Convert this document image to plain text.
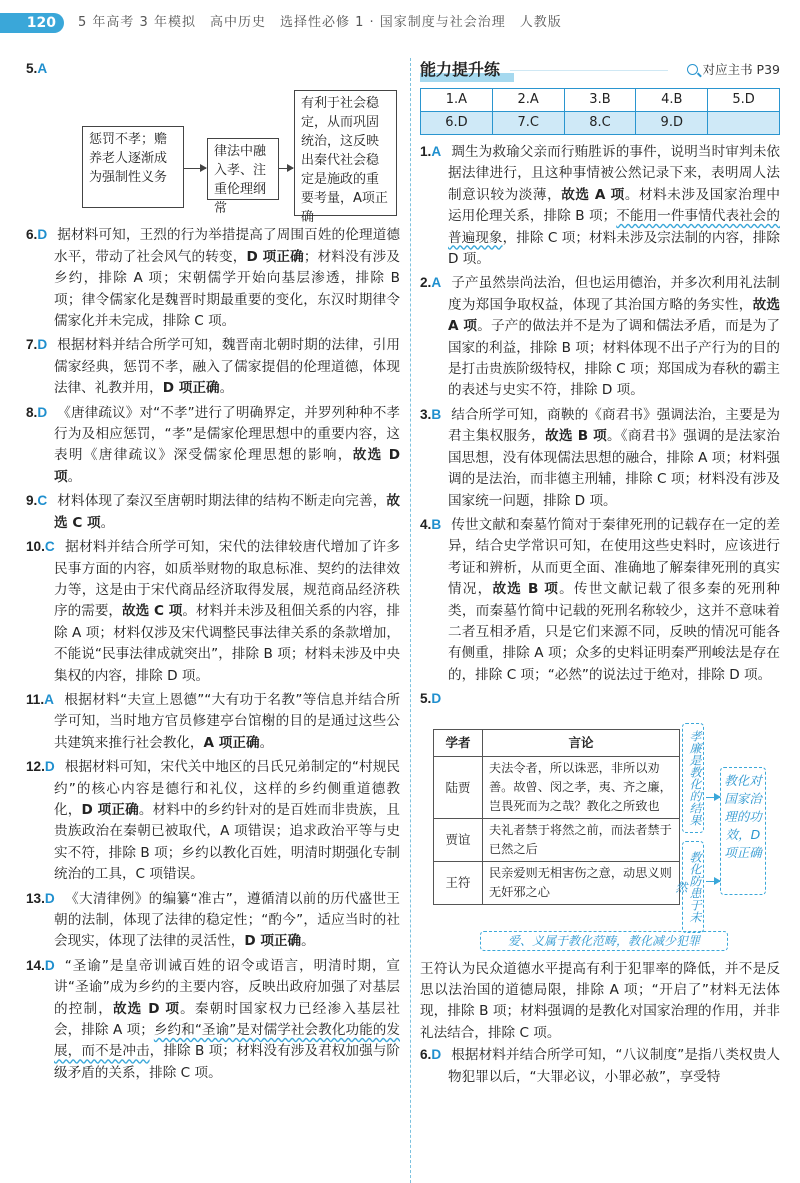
120	5 年高考 3 年模拟 高中历史　选择性必修 1 · 国家制度与社会治理　人教版
5.A
惩罚不孝；赡养老人逐渐成为强制性义务
律法中融入孝、注重伦理纲常
有利于社会稳定，从而巩固统治，这反映出秦代社会稳定是施政的重要考量，A项正确
6.D 据材料可知，王烈的行为举措提高了周围百姓的伦理道德水平，带动了社会风气的转变，D 项正确；材料没有涉及乡约，排除 A 项；宋朝儒学开始向基层渗透，排除 B 项；律令儒家化是魏晋时期最重要的变化，东汉时期律令儒家化并未完成，排除 C 项。
7.D 根据材料并结合所学可知，魏晋南北朝时期的法律，引用儒家经典，惩罚不孝，融入了儒家提倡的伦理道德，体现法律、礼教并用，D 项正确。
8.D 《唐律疏议》对“不孝”进行了明确界定，并罗列种种不孝行为及相应惩罚，“孝”是儒家伦理思想中的重要内容，这表明《唐律疏议》深受儒家伦理思想的影响，故选 D 项。
9.C 材料体现了秦汉至唐朝时期法律的结构不断走向完善，故选 C 项。
10.C 据材料并结合所学可知，宋代的法律较唐代增加了许多民事方面的内容，如质举财物的取息标准、契约的法律效力等，这是由于宋代商品经济取得发展，规范商品经济秩序的需要，故选 C 项。材料并未涉及租佃关系的内容，排除 A 项；材料仅涉及宋代调整民事法律关系的条款增加，不能说“民事法律成就突出”，排除 B 项；材料未涉及中央集权的内容，排除 D 项。
11.A 根据材料“夫宣上恩德”“大有功于名教”等信息并结合所学可知，当时地方官员修建亭台馆榭的目的是通过这些公共建筑来推行社会教化，A 项正确。
12.D 根据材料可知，宋代关中地区的吕氏兄弟制定的“村规民约”的核心内容是德行和礼仪，这样的乡约侧重道德教化，D 项正确。材料中的乡约针对的是百姓而非贵族，且贵族政治在秦朝已被取代，A 项错误；追求政治平等与史实不符，排除 B 项；乡约以教化百姓，明清时期强化专制统治的工具，C 项错误。
13.D 《大清律例》的编纂“准古”，遵循清以前的历代盛世王朝的法制，体现了法律的稳定性；“酌今”，适应当时的社会现实，体现了法律的灵活性，D 项正确。
14.D “圣谕”是皇帝训诫百姓的诏令或语言，明清时期，宣讲“圣谕”成为乡约的主要内容，反映出政府加强了对基层的控制，故选 D 项。秦朝时国家权力已经渗入基层社会，排除 A 项；乡约和“圣谕”是对儒学社会教化功能的发展，而不是冲击，排除 B 项；材料没有涉及君权加强与阶级矛盾的关系，排除 C 项。
能力提升练	对应主书 P39
1.A	2.A	3.B	4.B	5.D
6.D	7.C	8.C	9.D	
1.A 琱生为救瑜父亲而行贿胜诉的事件，说明当时审判未依据法律进行，且这种事情被公然记录下来，表明周人法制意识较为淡薄，故选 A 项。材料未涉及国家治理中运用伦理关系，排除 B 项；不能用一件事情代表社会的普遍现象，排除 C 项；材料未涉及宗法制的内容，排除 D 项。
2.A 子产虽然崇尚法治，但也运用德治，并多次利用礼法制度为郑国争取权益，体现了其治国方略的务实性，故选 A 项。子产的做法并不是为了调和儒法矛盾，而是为了国家的利益，排除 B 项；材料体现不出子产行为的目的是打击贵族阶级特权，排除 C 项；郑国成为春秋的霸主的表述与史实不符，排除 D 项。
3.B 结合所学可知，商鞅的《商君书》强调法治，主要是为君主集权服务，故选 B 项。《商君书》强调的是法家治国思想，没有体现儒法思想的融合，排除 A 项；材料强调的是法治，而非德主刑辅，排除 C 项；材料没有涉及国家统一问题，排除 D 项。
4.B 传世文献和秦墓竹简对于秦律死刑的记载存在一定的差异，结合史学常识可知，在使用这些史料时，应该进行考证和辨析，从而更全面、准确地了解秦律死刑的真实情况，故选 B 项。传世文献记载了很多秦的死刑种类，而秦墓竹简中记载的死刑名称较少，这并不意味着二者互相矛盾，只是它们来源不同，反映的情况可能各有侧重，排除 A 项；众多的史料证明秦严刑峻法是存在的，排除 C 项；“必然”的说法过于绝对，排除 D 项。
5.D
学者	言论
陆贾	夫法令者，所以诛恶，非所以劝善。故曾、闵之孝，夷、齐之廉，岂畏死而为之哉？教化之所致也
贾谊	夫礼者禁于将然之前，而法者禁于已然之后
王符	民亲爱则无相害伤之意，动思义则无奸邪之心
孝廉是教化的结果
教化防患于未然
教化对国家治理的功效，D项正确
爱、义属于教化范畴，教化减少犯罪
王符认为民众道德水平提高有利于犯罪率的降低，并不是反思以法治国的道德局限，排除 A 项；“开启了”材料无法体现，排除 B 项；材料强调的是教化对国家治理的作用，并非礼法结合，排除 C 项。
6.D 根据材料并结合所学可知，“八议制度”是指八类权贵人物犯罪以后，“大罪必议，小罪必赦”，享受特
